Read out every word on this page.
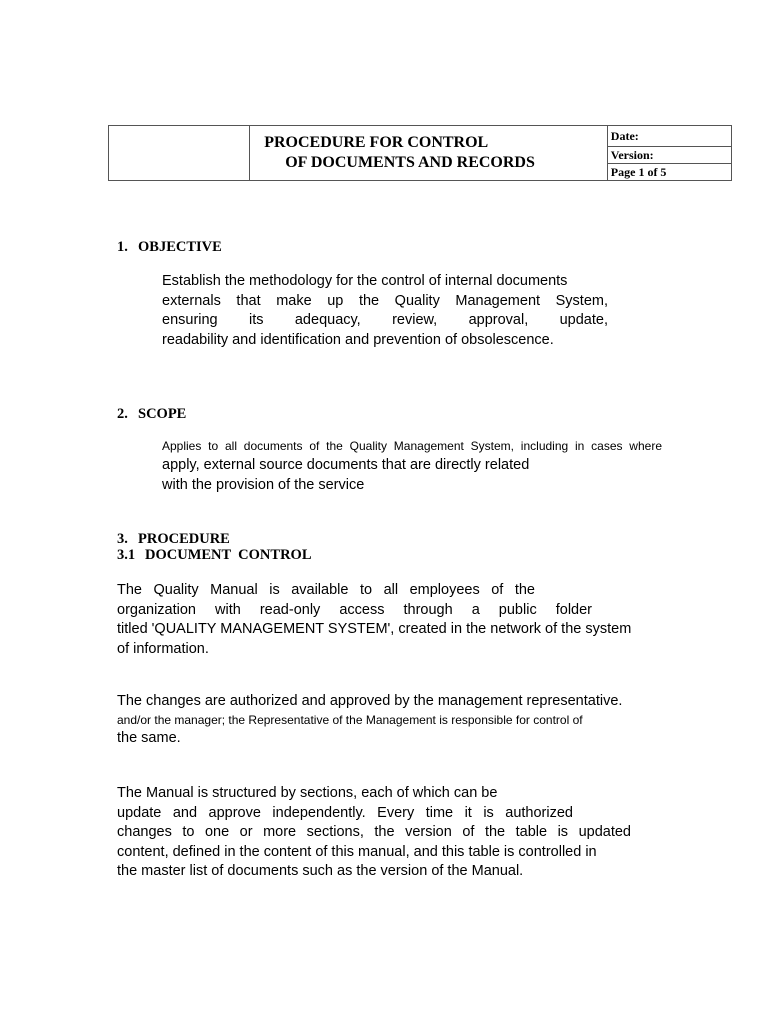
PROCEDURE FOR CONTROL
OF DOCUMENTS AND RECORDS
	Date:
Version:
Page 1 of 5
1. OBJECTIVE
Establish the methodology for the control of internal documents
externals that make up the Quality Management System,
ensuring its adequacy, review, approval, update,
readability and identification and prevention of obsolescence.
2. SCOPE
Applies to all documents of the Quality Management System, including in cases where
apply, external source documents that are directly related
with the provision of the service
3. PROCEDURE
3.1 DOCUMENT  CONTROL
The Quality Manual is available to all employees of the
organization with read-only access through a public folder
titled 'QUALITY MANAGEMENT SYSTEM', created in the network of the system
of information.
The changes are authorized and approved by the management representative.
and/or the manager; the Representative of the Management is responsible for control of
the same.
The Manual is structured by sections, each of which can be
update and approve independently. Every time it is authorized
changes to one or more sections, the version of the table is updated
content, defined in the content of this manual, and this table is controlled in
the master list of documents such as the version of the Manual.
